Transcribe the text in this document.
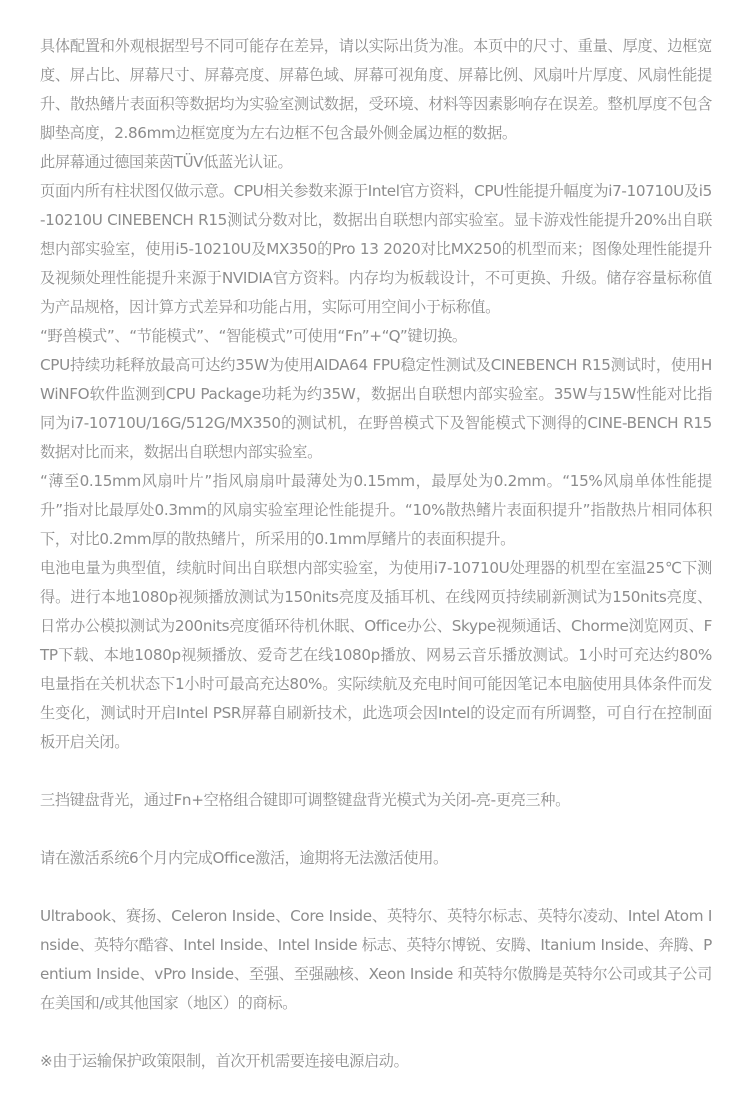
具体配置和外观根据型号不同可能存在差异，请以实际出货为准。本页中的尺寸、重量、厚度、边框宽度、屏占比、屏幕尺寸、屏幕亮度、屏幕色域、屏幕可视角度、屏幕比例、风扇叶片厚度、风扇性能提升、散热鳍片表面积等数据均为实验室测试数据，受环境、材料等因素影响存在误差。整机厚度不包含脚垫高度，2.86mm边框宽度为左右边框不包含最外侧金属边框的数据。

此屏幕通过德国莱茵TÜV低蓝光认证。

页面内所有柱状图仅做示意。CPU相关参数来源于Intel官方资料，CPU性能提升幅度为i7-10710U及i5-10210U CINEBENCH R15测试分数对比，数据出自联想内部实验室。显卡游戏性能提升20%出自联想内部实验室，使用i5-10210U及MX350的Pro 13 2020对比MX250的机型而来；图像处理性能提升及视频处理性能提升来源于NVIDIA官方资料。内存均为板载设计，不可更换、升级。储存容量标称值为产品规格，因计算方式差异和功能占用，实际可用空间小于标称值。

“野兽模式”、“节能模式”、“智能模式”可使用“Fn”+“Q”键切换。

CPU持续功耗释放最高可达约35W为使用AIDA64 FPU稳定性测试及CINEBENCH R15测试时，使用HWiNFO软件监测到CPU Package功耗为约35W，数据出自联想内部实验室。35W与15W性能对比指同为i7-10710U/16G/512G/MX350的测试机，在野兽模式下及智能模式下测得的CINE-BENCH R15数据对比而来，数据出自联想内部实验室。

“薄至0.15mm风扇叶片”指风扇扇叶最薄处为0.15mm，最厚处为0.2mm。“15%风扇单体性能提升”指对比最厚处0.3mm的风扇实验室理论性能提升。“10%散热鳍片表面积提升”指散热片相同体积下，对比0.2mm厚的散热鳍片，所采用的0.1mm厚鳍片的表面积提升。

电池电量为典型值，续航时间出自联想内部实验室，为使用i7-10710U处理器的机型在室温25℃下测得。进行本地1080p视频播放测试为150nits亮度及插耳机、在线网页持续刷新测试为150nits亮度、日常办公模拟测试为200nits亮度循环待机休眠、Office办公、Skype视频通话、Chorme浏览网页、FTP下载、本地1080p视频播放、爱奇艺在线1080p播放、网易云音乐播放测试。1小时可充达约80%电量指在关机状态下1小时可最高充达80%。实际续航及充电时间可能因笔记本电脑使用具体条件而发生变化，测试时开启Intel PSR屏幕自刷新技术，此选项会因Intel的设定而有所调整，可自行在控制面板开启关闭。

三挡键盘背光，通过Fn+空格组合键即可调整键盘背光模式为关闭-亮-更亮三种。

请在激活系统6个月内完成Office激活，逾期将无法激活使用。

Ultrabook、赛扬、Celeron Inside、Core Inside、英特尔、英特尔标志、英特尔凌动、Intel Atom Inside、英特尔酷睿、Intel Inside、Intel Inside 标志、英特尔博锐、安腾、Itanium Inside、奔腾、Pentium Inside、vPro Inside、至强、至强融核、Xeon Inside 和英特尔傲腾是英特尔公司或其子公司在美国和/或其他国家（地区）的商标。

※由于运输保护政策限制，首次开机需要连接电源启动。
